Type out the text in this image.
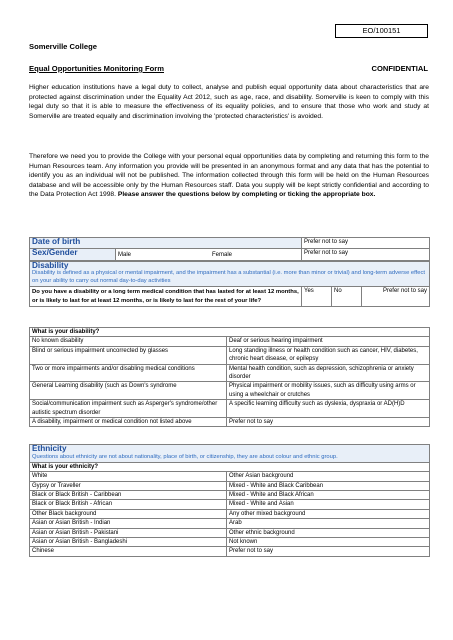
EO/100151
Somerville College
Equal Opportunities Monitoring Form	CONFIDENTIAL

Higher education institutions have a legal duty to collect, analyse and publish equal opportunity data about characteristics that are protected against discrimination under the Equality Act 2012, such as age, race, and disability. Somerville is keen to comply with this legal duty so that it is able to measure the effectiveness of its equality policies, and to ensure that those who work and study at Somerville are treated equally and discrimination involving the 'protected characteristics' is avoided.

Therefore we need you to provide the College with your personal equal opportunities data by completing and returning this form to the Human Resources team. Any information you provide will be presented in an anonymous format and any data that has the potential to identify you as an individual will not be published. The information collected through this form will be held on the Human Resources database and will be accessible only by the Human Resources staff. Data you supply will be kept strictly confidential and according to the Data Protection Act 1998. Please answer the questions below by completing or ticking the appropriate box.
Date of birth	Prefer not to say

Sex/Gender Male Female	Prefer not to say
Disability
Disability is defined as a physical or mental impairment, and the impairment has a substantial (i.e. more than minor or trivial) and long-term adverse effect on your ability to carry out normal day-to-day activities

Do you have a disability or a long term medical condition that has lasted for at least 12 months, or is likely to last for at least 12 months, or is likely to last for the rest of your life?	Yes	No	Prefer not to say
What is your disability?	
No known disability	Deaf or serious hearing impairment
Blind or serious impairment uncorrected by glasses	Long standing illness or health condition such as cancer, HIV, diabetes, chronic heart disease, or epilepsy
Two or more impairments and/or disabling medical conditions	Mental health condition, such as depression, schizophrenia or anxiety disorder
General Learning disability (such as Down's syndrome	Physical impairment or mobility issues, such as difficulty using arms or using a wheelchair or crutches
Social/communication impairment such as Asperger's syndrome/other autistic spectrum disorder	A specific learning difficulty such as dyslexia, dyspraxia or AD(H)D
A disability, impairment or medical condition not listed above	Prefer not to say
Ethnicity
Questions about ethnicity are not about nationality, place of birth, or citizenship, they are about colour and ethnic group.	

What is your ethnicity?	
White	Other Asian background
Gypsy or Traveller	Mixed - White and Black Caribbean
Black or Black British - Caribbean	Mixed - White and Black African
Black or Black British - African	Mixed - White and Asian
Other Black background	Any other mixed background
Asian or Asian British - Indian	Arab
Asian or Asian British - Pakistani	Other ethnic background
Asian or Asian British - Bangladeshi	Not known
Chinese	Prefer not to say
